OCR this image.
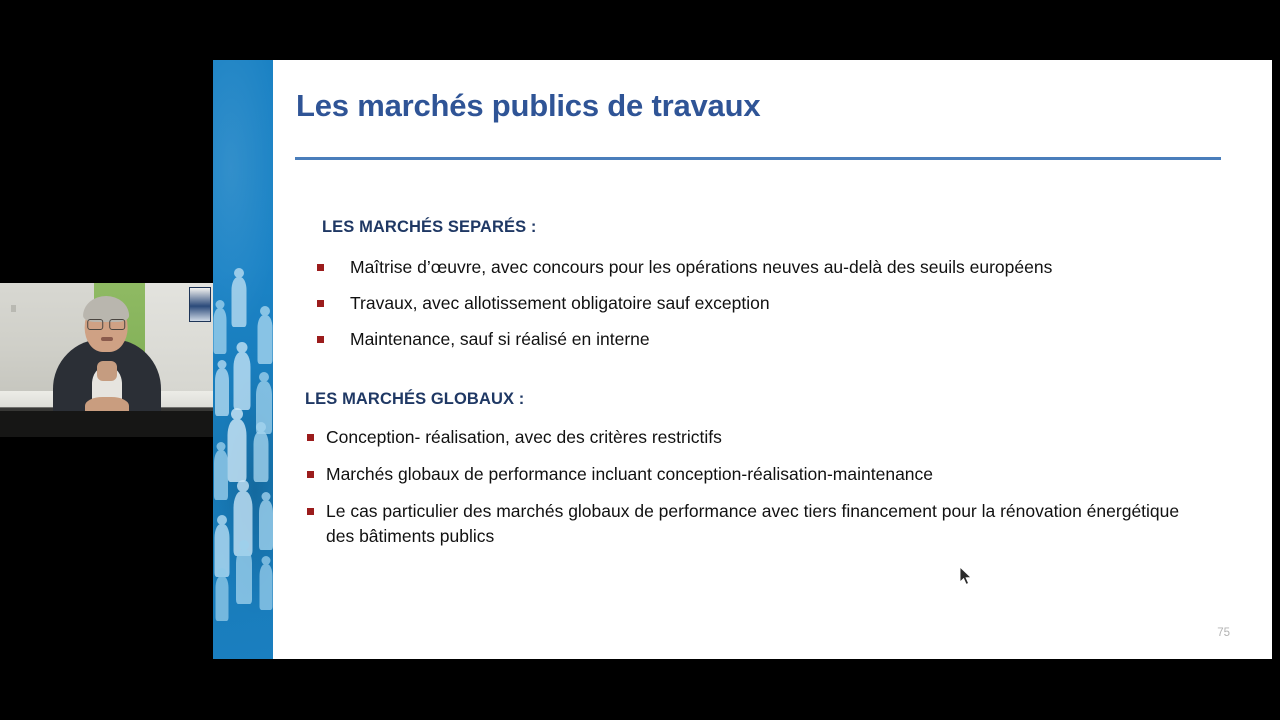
Les marchés publics de travaux
LES MARCHÉS SEPARÉS :
Maîtrise d’œuvre, avec concours pour les opérations neuves au-delà des seuils européens
Travaux, avec allotissement obligatoire sauf exception
Maintenance, sauf si réalisé en interne
LES MARCHÉS GLOBAUX :
Conception- réalisation, avec des critères restrictifs
Marchés globaux de performance incluant conception-réalisation-maintenance
Le cas particulier des marchés globaux de performance avec tiers financement pour la rénovation énergétique des bâtiments publics
75
